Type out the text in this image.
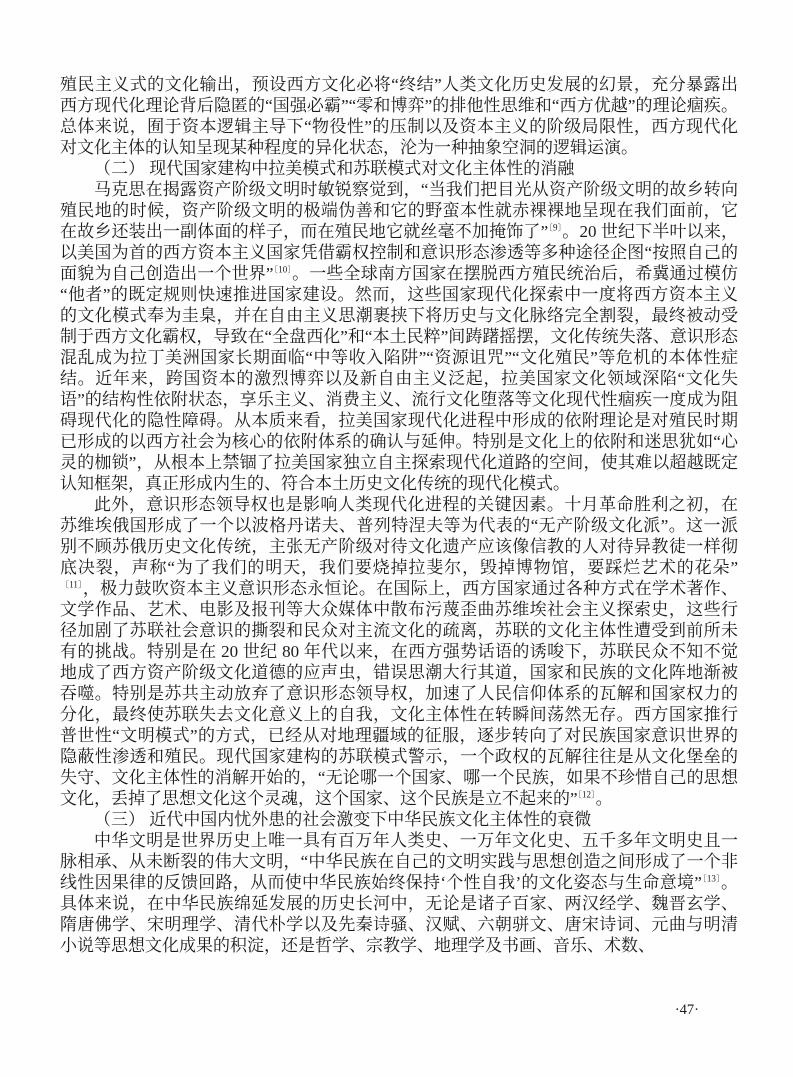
殖民主义式的文化输出，预设西方文化必将“终结”人类文化历史发展的幻景，充分暴露出西方现代化理论背后隐匿的“国强必霸”“零和博弈”的排他性思维和“西方优越”的理论痼疾。总体来说，囿于资本逻辑主导下“物役性”的压制以及资本主义的阶级局限性，西方现代化对文化主体的认知呈现某种程度的异化状态，沦为一种抽象空洞的逻辑运演。

（二） 现代国家建构中拉美模式和苏联模式对文化主体性的消融

马克思在揭露资产阶级文明时敏锐察觉到，“当我们把目光从资产阶级文明的故乡转向殖民地的时候，资产阶级文明的极端伪善和它的野蛮本性就赤裸裸地呈现在我们面前，它在故乡还装出一副体面的样子，而在殖民地它就丝毫不加掩饰了”$^{〔9〕}$。20 世纪下半叶以来，以美国为首的西方资本主义国家凭借霸权控制和意识形态渗透等多种途径企图“按照自己的面貌为自己创造出一个世界”$^{〔10〕}$。一些全球南方国家在摆脱西方殖民统治后，希冀通过模仿“他者”的既定规则快速推进国家建设。然而，这些国家现代化探索中一度将西方资本主义的文化模式奉为圭臬，并在自由主义思潮裹挟下将历史与文化脉络完全割裂，最终被动受制于西方文化霸权，导致在“全盘西化”和“本土民粹”间踌躇摇摆，文化传统失落、意识形态混乱成为拉丁美洲国家长期面临“中等收入陷阱”“资源诅咒”“文化殖民”等危机的本体性症结。近年来，跨国资本的激烈博弈以及新自由主义泛起，拉美国家文化领域深陷“文化失语”的结构性依附状态，享乐主义、消费主义、流行文化堕落等文化现代性痼疾一度成为阻碍现代化的隐性障碍。从本质来看，拉美国家现代化进程中形成的依附理论是对殖民时期已形成的以西方社会为核心的依附体系的确认与延伸。特别是文化上的依附和迷思犹如“心灵的枷锁”，从根本上禁锢了拉美国家独立自主探索现代化道路的空间，使其难以超越既定认知框架，真正形成内生的、符合本土历史文化传统的现代化模式。

此外，意识形态领导权也是影响人类现代化进程的关键因素。十月革命胜利之初，在苏维埃俄国形成了一个以波格丹诺夫、普列特涅夫等为代表的“无产阶级文化派”。这一派别不顾苏俄历史文化传统，主张无产阶级对待文化遗产应该像信教的人对待异教徒一样彻底决裂，声称“为了我们的明天，我们要烧掉拉斐尔，毁掉博物馆，要踩烂艺术的花朵”$^{〔11〕}$，极力鼓吹资本主义意识形态永恒论。在国际上，西方国家通过各种方式在学术著作、文学作品、艺术、电影及报刊等大众媒体中散布污蔑歪曲苏维埃社会主义探索史，这些行径加剧了苏联社会意识的撕裂和民众对主流文化的疏离，苏联的文化主体性遭受到前所未有的挑战。特别是在 20 世纪 80 年代以来，在西方强势话语的诱唆下，苏联民众不知不觉地成了西方资产阶级文化道德的应声虫，错误思潮大行其道，国家和民族的文化阵地渐被吞噬。特别是苏共主动放弃了意识形态领导权，加速了人民信仰体系的瓦解和国家权力的分化，最终使苏联失去文化意义上的自我，文化主体性在转瞬间荡然无存。西方国家推行普世性“文明模式”的方式，已经从对地理疆域的征服，逐步转向了对民族国家意识世界的隐蔽性渗透和殖民。现代国家建构的苏联模式警示，一个政权的瓦解往往是从文化堡垒的失守、文化主体性的消解开始的，“无论哪一个国家、哪一个民族，如果不珍惜自己的思想文化，丢掉了思想文化这个灵魂，这个国家、这个民族是立不起来的”$^{〔12〕}$。

（三） 近代中国内忧外患的社会激变下中华民族文化主体性的衰微

中华文明是世界历史上唯一具有百万年人类史、一万年文化史、五千多年文明史且一脉相承、从未断裂的伟大文明，“中华民族在自己的文明实践与思想创造之间形成了一个非线性因果律的反馈回路，从而使中华民族始终保持‘个性自我’的文化姿态与生命意境”$^{〔13〕}$。具体来说，在中华民族绵延发展的历史长河中，无论是诸子百家、两汉经学、魏晋玄学、隋唐佛学、宋明理学、清代朴学以及先秦诗骚、汉赋、六朝骈文、唐宋诗词、元曲与明清小说等思想文化成果的积淀，还是哲学、宗教学、地理学及书画、音乐、术数、

·47·
